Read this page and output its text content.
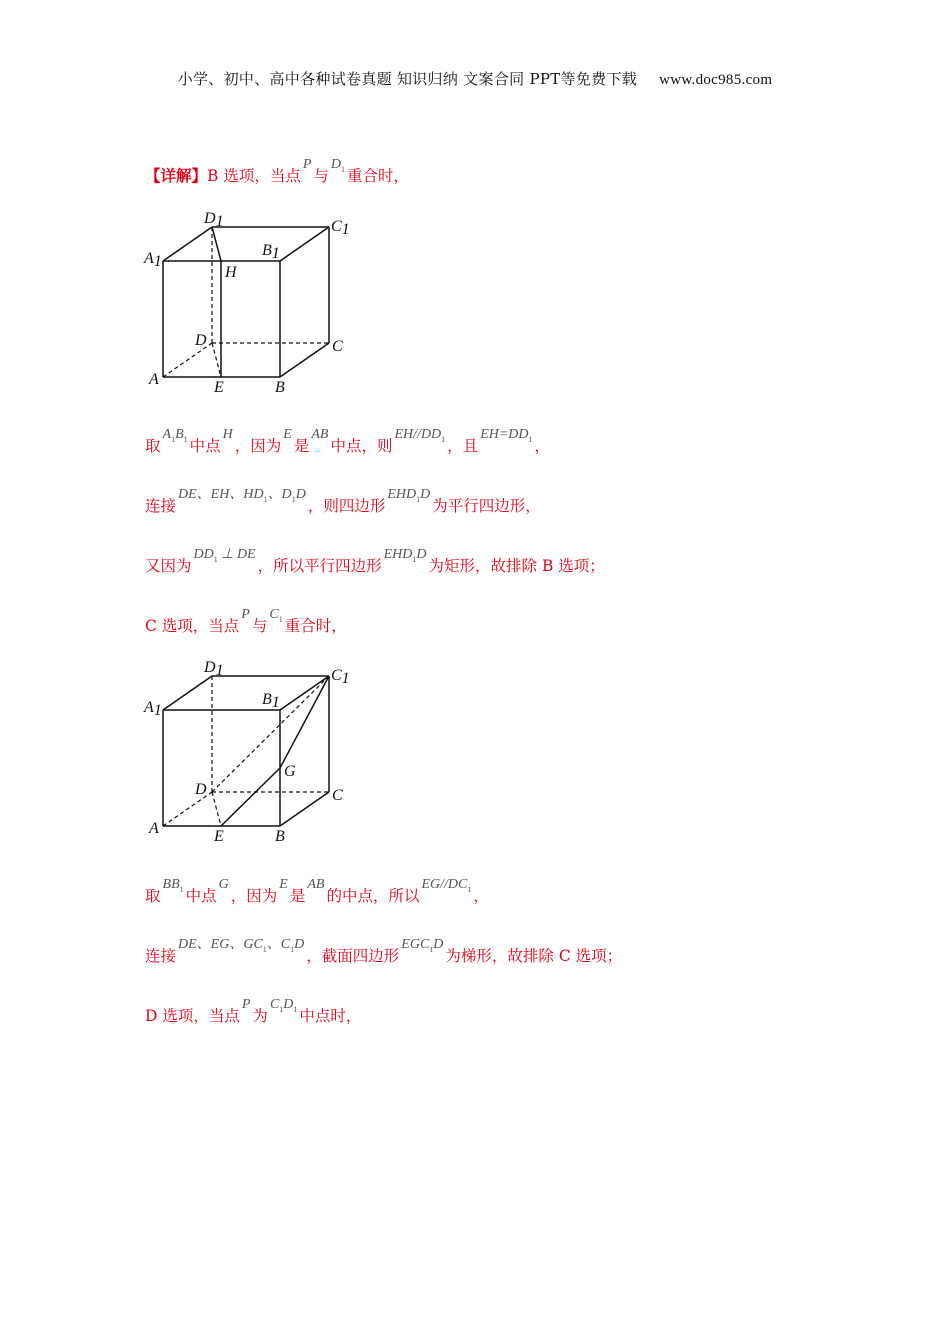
小学、初中、高中各种试卷真题 知识归纳 文案合同 PPT等免费下载 www.doc985.com
【详解】B 选项，当点P与$D_1$ 重合时，
D1	C1
A1
B1
H
D	C
A	E	B
取$A_1B_1$ 中点H，因为E是AB中点，则$EH//DD_1$ ，且$EH=DD_1$ ，
连接DE、EH、$HD_1$、$D_1D$，则四边形$EHD_1D$为平行四边形，
又因为$DD_1$ ⊥ DE，所以平行四边形$EHD_1D$为矩形，故排除 B 选项；
C 选项，当点P与$C_1$ 重合时，
D1	C1
A1
B1
G
D	C
A	E	B
取$BB_1$ 中点G，因为E是AB的中点，所以$EG//DC_1$ ，
连接DE、EG、$GC_1$、$C_1D$，截面四边形$EGC_1D$为梯形，故排除 C 选项；
D 选项，当点P为$C_1D_1$ 中点时，
